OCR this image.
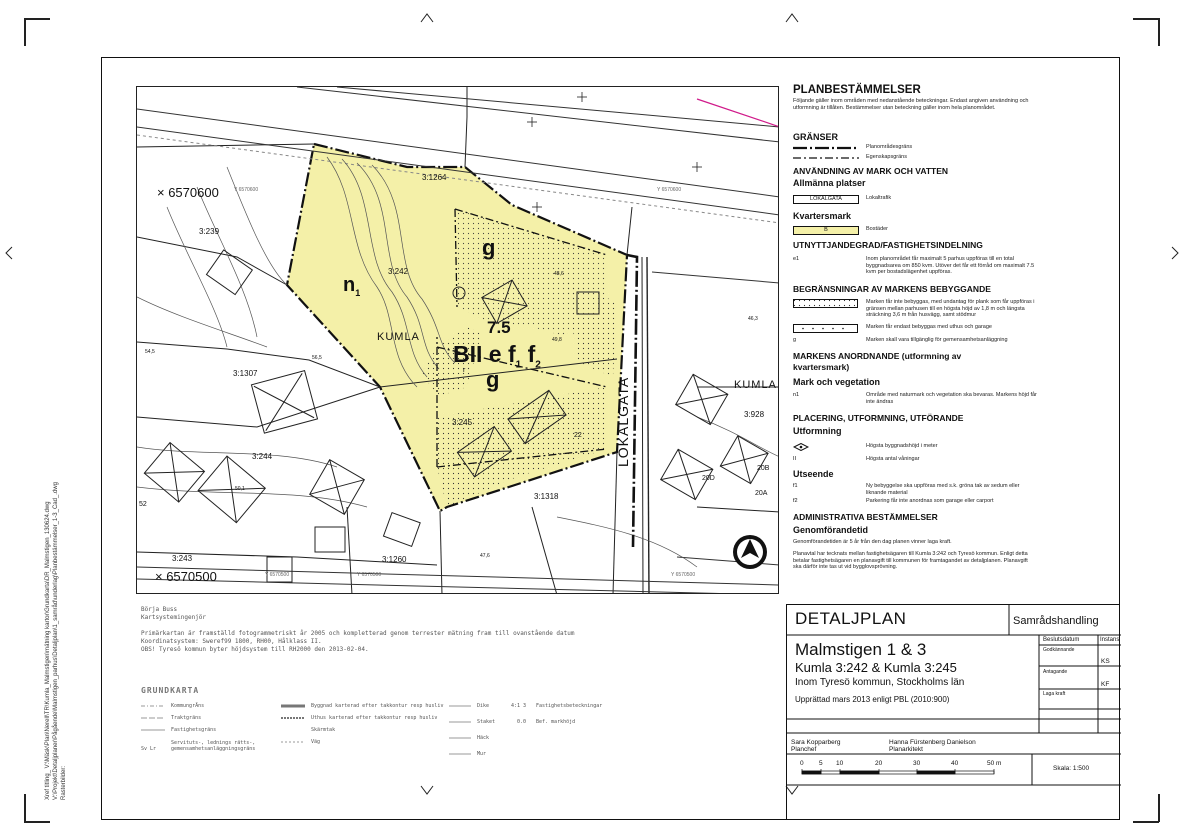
Xref titling_ V:\Mäsk\Plan\Nerell\TR\Kumla_Malmstigen\mätning kartor\Grundkarta\DR_Malmstigen_130624.dwg V:\Projekt\Detaljplaner\Pågående\Malmstigen_parhus\Detaljplan\1_samråd\underlag\Planbestämmelser_1-3_Cad_.dwg Rasterbilder:
× 6570600
× 6570500
Y 6570600	Y 6570600
Y 6570500	Y 6570500	Y 6570500
3:239
3:242
3:1307
3:244
3:243	3:1260
3:245
3:1318
3:928
3:1264
KUMLA
KUMLA
LOKALGATA
$n_1$
g
7.5
BII e $f_1$ $f_2$
g
r
20D
20B
20A
22
52
54,5
56,5
48,6
49,8
46,3
47,6
50,1
PLANBESTÄMMELSER
Följande gäller inom områden med nedanstående beteckningar. Endast angiven användning och utformning är tillåten. Bestämmelser utan beteckning gäller inom hela planområdet.
GRÄNSER
Planområdesgräns
Egenskapsgräns
ANVÄNDNING AV MARK OCH VATTEN
Allmänna platser
LOKALGATA	Lokaltrafik
Kvartersmark
B	Bostäder
UTNYTTJANDEGRAD/FASTIGHETSINDELNING
e1	Inom planområdet får maximalt 5 parhus uppföras till en total byggnadsarea om 850 kvm. Utöver det får ett förråd om maximalt 7.5 kvm per bostadslägenhet uppföras.
BEGRÄNSNINGAR AV MARKENS BEBYGGANDE
Marken får inte bebyggas, med undantag för plank som får uppföras i gränsen mellan parhusen till en högsta höjd av 1,8 m och längsta sträckning 3,6 m från husvägg, samt stödmur
Marken får endast bebyggas med uthus och garage
g	Marken skall vara tillgänglig för gemensamhetsanläggning
MARKENS ANORDNANDE (utformning av kvartersmark)
Mark och vegetation
n1	Område med naturmark och vegetation ska bevaras. Markens höjd får inte ändras
PLACERING, UTFORMNING, UTFÖRANDE
Utformning
Högsta byggnadshöjd i meter
II	Högsta antal våningar
Utseende
f1	Ny bebyggelse ska uppföras med s.k. gröna tak av sedum eller liknande material
f2	Parkering får inte anordnas som garage eller carport
ADMINISTRATIVA BESTÄMMELSER
Genomförandetid
Genomförandetiden är 5 år från den dag planen vinner laga kraft.
Planavtal har tecknats mellan fastighetsägaren till Kumla 3:242 och Tyresö kommun. Enligt detta betalar fastighetsägaren en planavgift till kommunen för framtagandet av detaljplanen. Planavgift ska därför inte tas ut vid bygglovsprövning.
Börja Buss
Kartsystemingenjör
Primärkartan är framställd fotogrammetriskt år 2005 och kompletterad genom terrester mätning fram till ovanstående datum
Koordinatsystem: Sweref99 1800, RH00, Hålklass II.
OBS! Tyresö kommun byter höjdsystem till RH2000 den 2013-02-04.
GRUNDKARTA
KommungrÄns
Traktgräns
Fastighetsgräns
Sv Lr
Servituts-, lednings rätts-,
gemensamhetsanläggningsgräns
Byggnad karterad efter takkontur resp husliv
Uthus karterad efter takkontur resp husliv
Skärmtak
Väg
Dike
Staket
Häck
Mur
4:1 3 Fastighetsbeteckningar
0.0 Bef. markhöjd
DETALJPLAN	Samrådshandling
Malmstigen 1 & 3
Kumla 3:242 & Kumla 3:245
Inom Tyresö kommun, Stockholms län
Upprättad mars 2013 enligt PBL (2010:900)
Beslutsdatum	Instans
Godkännande
KS
Antagande
KF
Laga kraft
Sara Kopparberg
Planchef
Hanna Fürstenberg Danielson
Planarkitekt
0 5 10	20	30	40	50 m
Skala: 1:500
